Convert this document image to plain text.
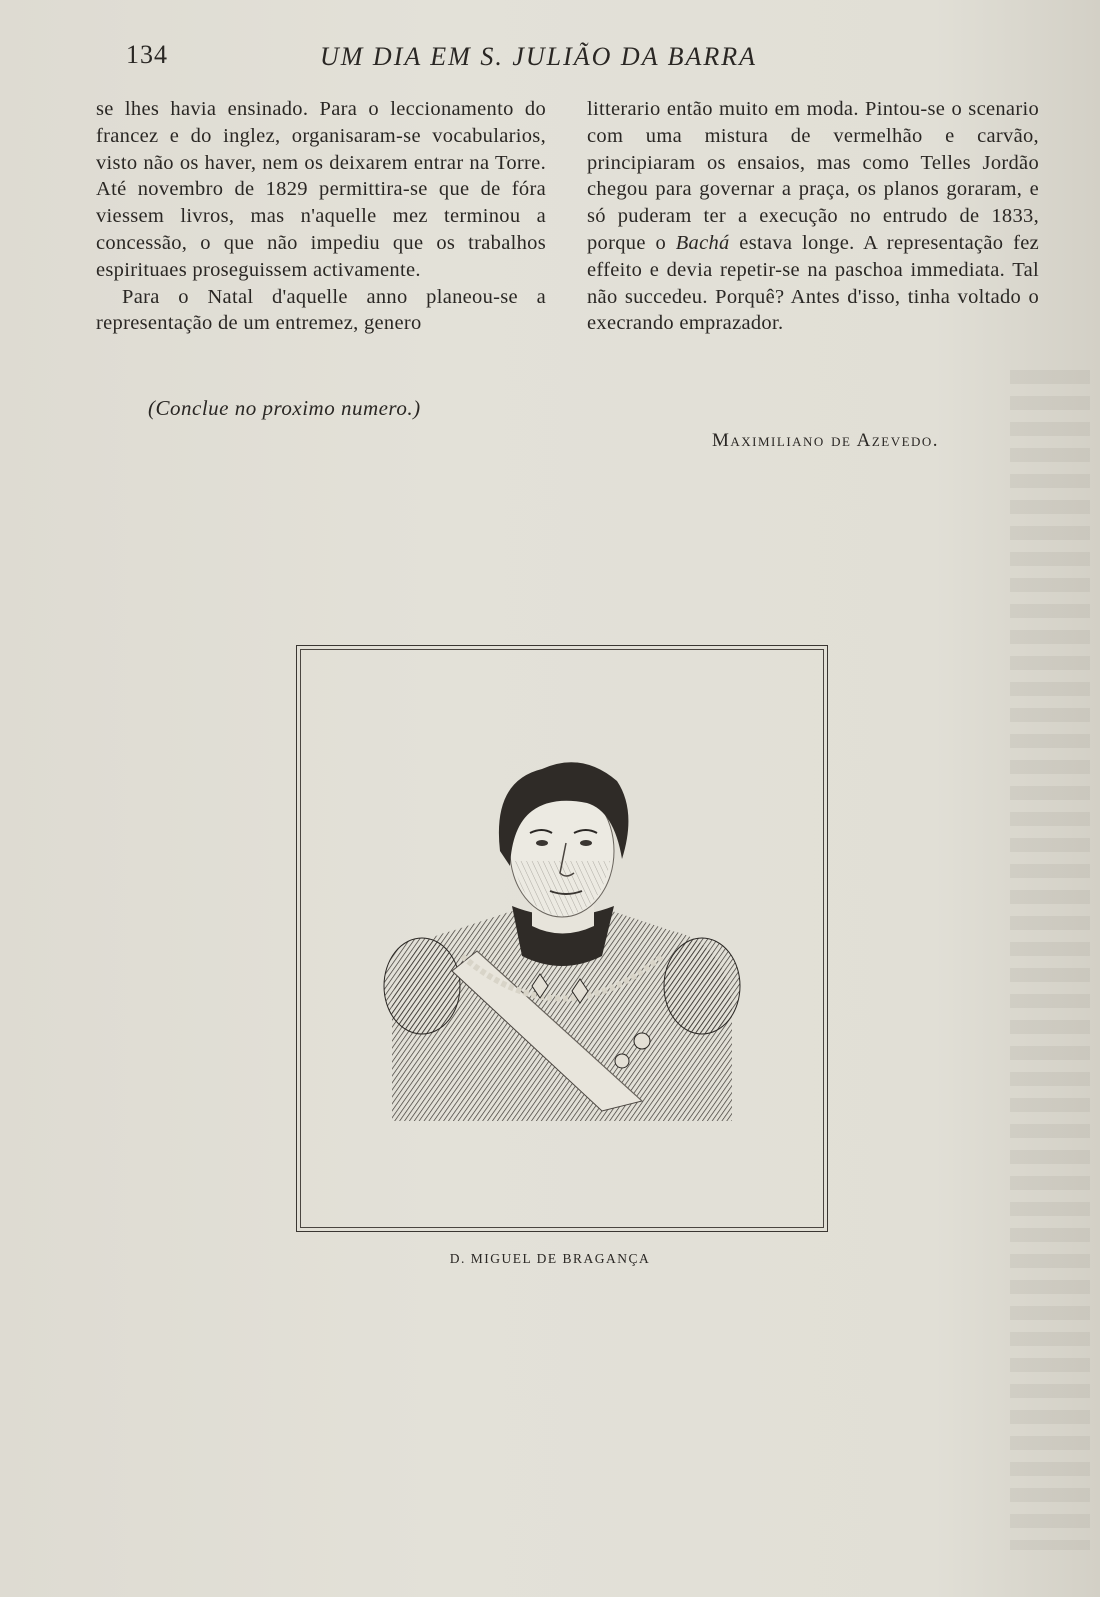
134	UM DIA EM S. JULIÃO DA BARRA

se lhes havia ensinado. Para o leccionamento do francez e do inglez, organisaram-se vocabularios, visto não os haver, nem os deixarem entrar na Torre. Até novembro de 1829 permittira-se que de fóra viessem livros, mas n'aquelle mez terminou a concessão, o que não impediu que os trabalhos espirituaes proseguissem activamente.

Para o Natal d'aquelle anno planeou-se a representação de um entremez, genero

litterario então muito em moda. Pintou-se o scenario com uma mistura de vermelhão e carvão, principiaram os ensaios, mas como Telles Jordão chegou para governar a praça, os planos goraram, e só puderam ter a execução no entrudo de 1833, porque o Bachá estava longe. A representação fez effeito e devia repetir-se na paschoa immediata. Tal não succedeu. Porquê? Antes d'isso, tinha voltado o execrando emprazador.

(Conclue no proximo numero.)
Maximiliano de Azevedo.
D. MIGUEL DE BRAGANÇA
